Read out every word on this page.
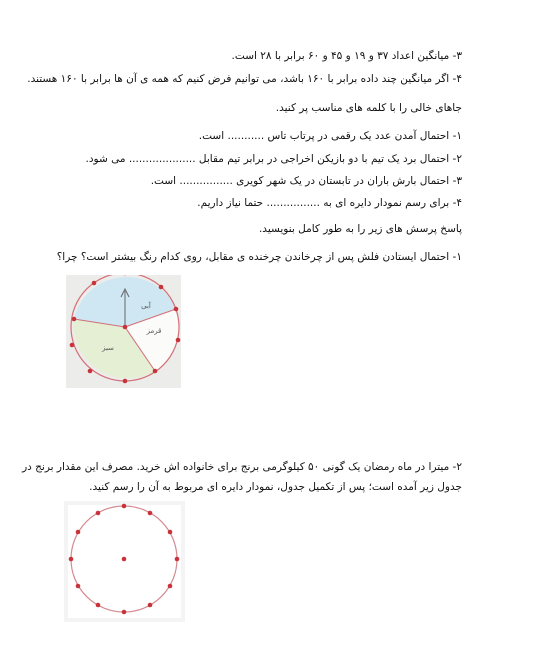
۳- میانگین اعداد ۳۷ و ۱۹ و ۴۵ و ۶۰ برابر با ۲۸ است.
۴- اگر میانگین چند داده برابر با ۱۶۰ باشد، می توانیم فرض کنیم که همه ی آن ها برابر با ۱۶۰ هستند.
جاهای خالی را با کلمه های مناسب پر کنید.
۱- احتمال آمدن عدد یک رقمی در پرتاب تاس ........... است.
۲- احتمال برد یک تیم با دو بازیکن اخراجی در برابر تیم مقابل .................... می شود.
۳- احتمال بارش باران در تابستان در یک شهر کویری ................ است.
۴- برای رسم نمودار دایره ای به ................ حتما نیاز داریم.
پاسخ پرسش های زیر را به طور کامل بنویسید.
۱- احتمال ایستادن فلش پس از چرخاندن چرخنده ی مقابل، روی کدام رنگ بیشتر است؟ چرا؟
آبی
قرمز
سبز
۲- میترا در ماه رمضان یک گونی ۵۰ کیلوگرمی برنج برای خانواده اش خرید. مصرف این مقدار برنج در
جدول زیر آمده است؛ پس از تکمیل جدول، نمودار دایره ای مربوط به آن را رسم کنید.
